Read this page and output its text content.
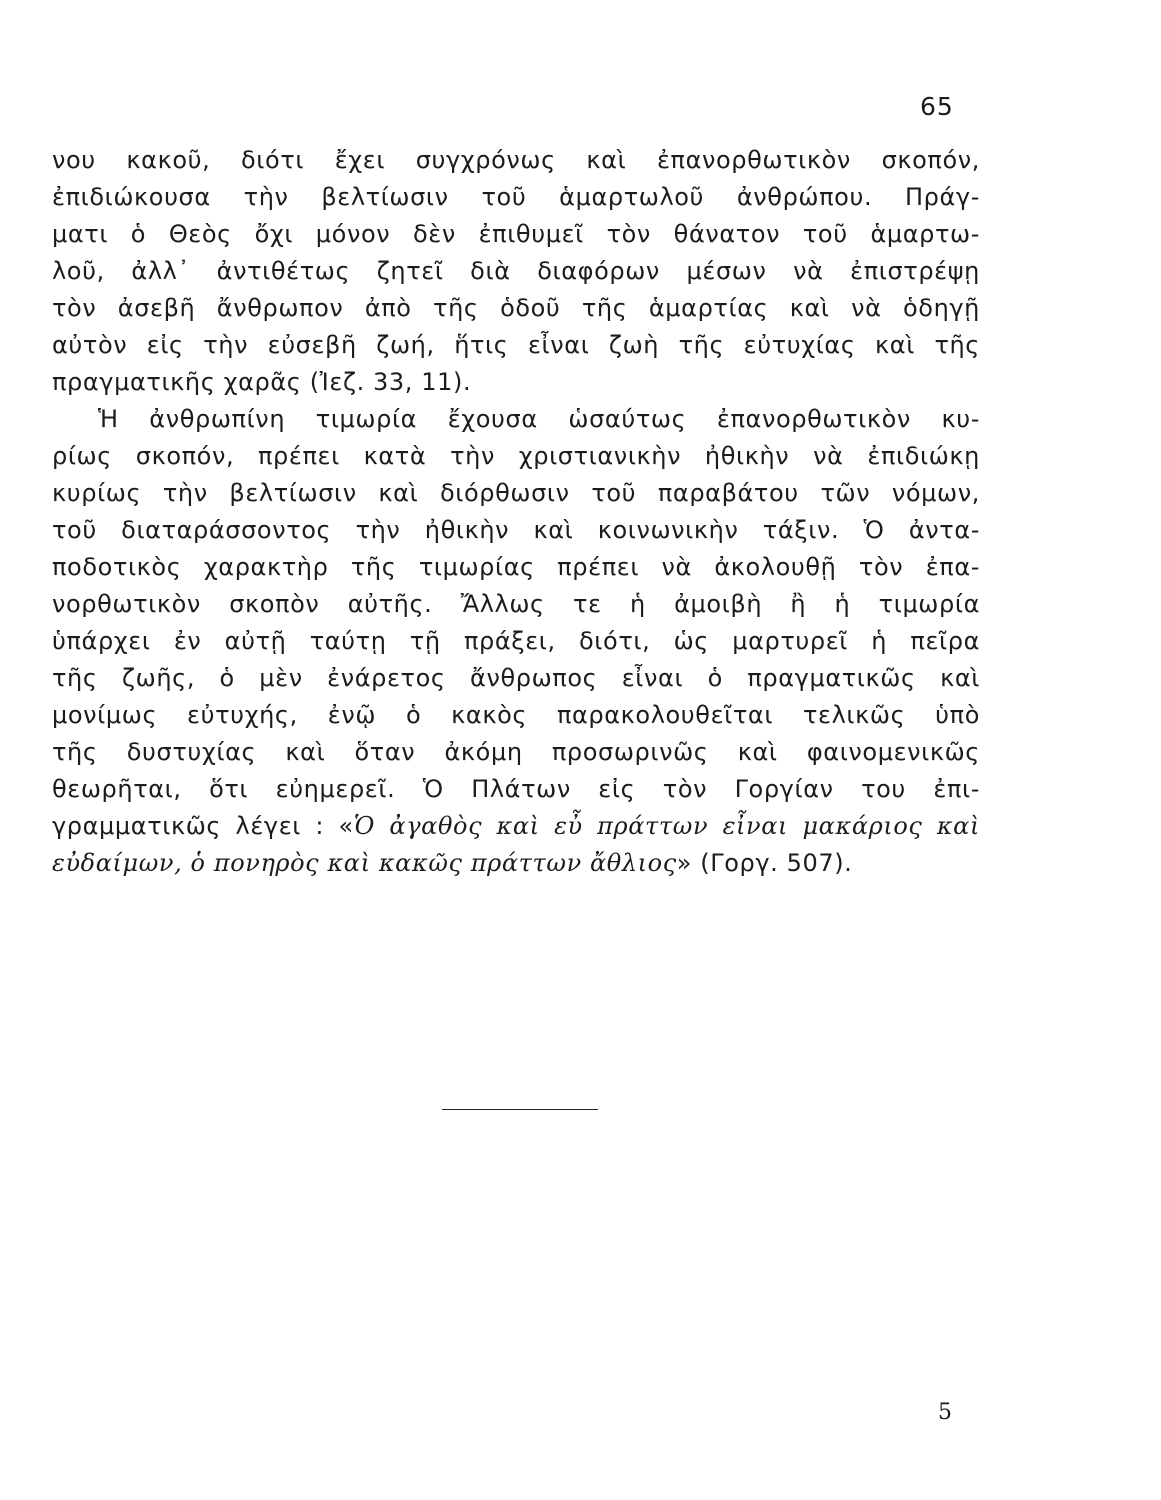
65
νου κακοῦ, διότι ἔχει συγχρόνως καὶ ἐπανορθωτικὸν σκοπόν,
ἐπιδιώκουσα τὴν βελτίωσιν τοῦ ἁμαρτωλοῦ ἀνθρώπου. Πράγ-
ματι ὁ Θεὸς ὄχι μόνον δὲν ἐπιθυμεῖ τὸν θάνατον τοῦ ἁμαρτω-
λοῦ, ἀλλ᾽ ἀντιθέτως ζητεῖ διὰ διαφόρων μέσων νὰ ἐπιστρέψῃ
τὸν ἀσεβῆ ἄνθρωπον ἀπὸ τῆς ὁδοῦ τῆς ἁμαρτίας καὶ νὰ ὁδηγῇ
αὐτὸν εἰς τὴν εὐσεβῆ ζωή, ἥτις εἶναι ζωὴ τῆς εὐτυχίας καὶ τῆς
πραγματικῆς χαρᾶς (Ἰεζ. 33, 11).
Ἡ ἀνθρωπίνη τιμωρία ἔχουσα ὡσαύτως ἐπανορθωτικὸν κυ-
ρίως σκοπόν, πρέπει κατὰ τὴν χριστιανικὴν ἠθικὴν νὰ ἐπιδιώκῃ
κυρίως τὴν βελτίωσιν καὶ διόρθωσιν τοῦ παραβάτου τῶν νόμων,
τοῦ διαταράσσοντος τὴν ἠθικὴν καὶ κοινωνικὴν τάξιν. Ὁ ἀντα-
ποδοτικὸς χαρακτὴρ τῆς τιμωρίας πρέπει νὰ ἀκολουθῇ τὸν ἐπα-
νορθωτικὸν σκοπὸν αὐτῆς. Ἄλλως τε ἡ ἀμοιβὴ ἢ ἡ τιμωρία
ὑπάρχει ἐν αὐτῇ ταύτῃ τῇ πράξει, διότι, ὡς μαρτυρεῖ ἡ πεῖρα
τῆς ζωῆς, ὁ μὲν ἐνάρετος ἄνθρωπος εἶναι ὁ πραγματικῶς καὶ
μονίμως εὐτυχής, ἐνῷ ὁ κακὸς παρακολουθεῖται τελικῶς ὑπὸ
τῆς δυστυχίας καὶ ὅταν ἀκόμη προσωρινῶς καὶ φαινομενικῶς
θεωρῆται, ὅτι εὐημερεῖ. Ὁ Πλάτων εἰς τὸν Γοργίαν του ἐπι-
γραμματικῶς λέγει : «Ὁ ἀγαθὸς καὶ εὖ πράττων εἶναι μακάριος καὶ
εὐδαίμων, ὁ πονηρὸς καὶ κακῶς πράττων ἄθλιος» (Γοργ. 507).
5
